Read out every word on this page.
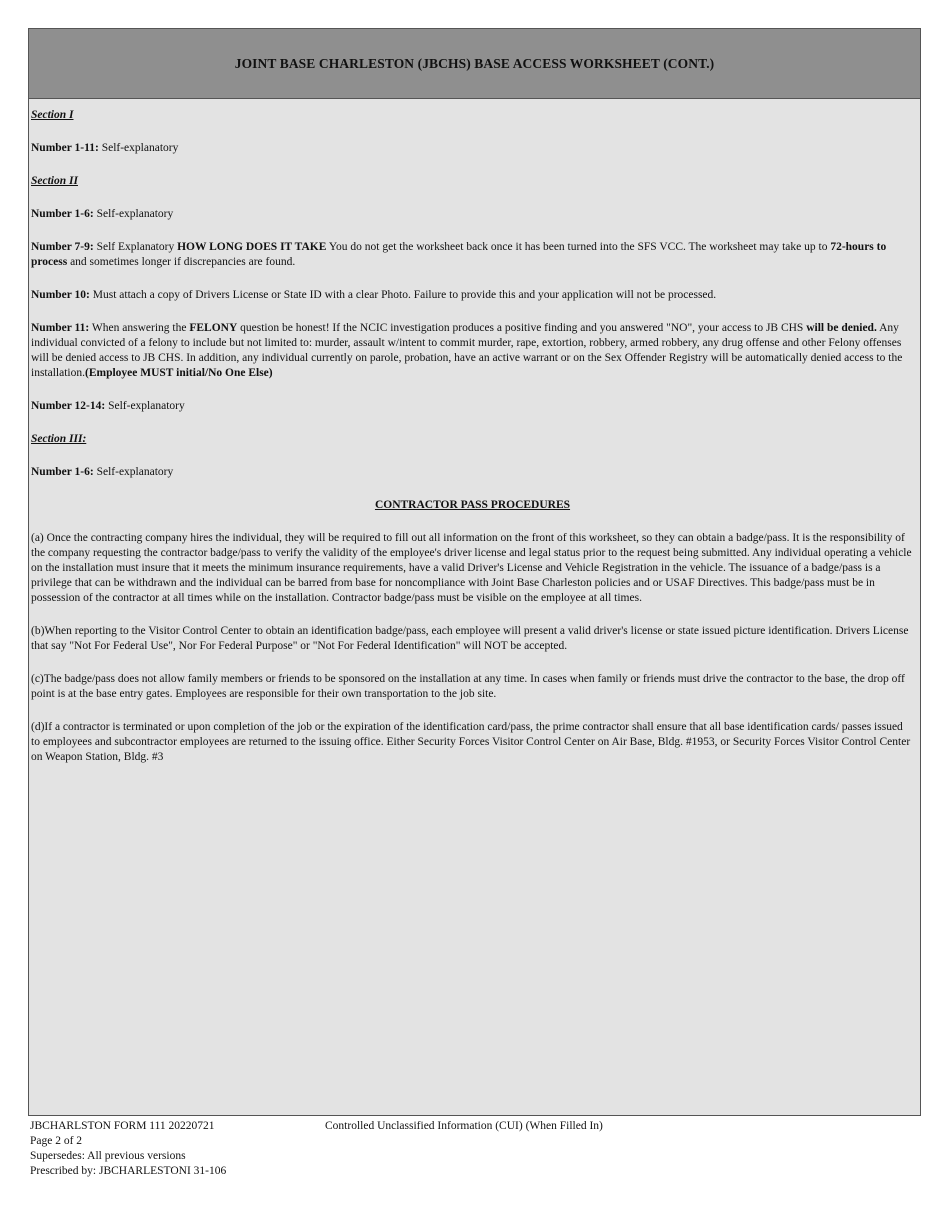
JOINT BASE CHARLESTON (JBCHS) BASE ACCESS WORKSHEET (CONT.)

Section I

Number 1-11: Self-explanatory

Section II

Number 1-6: Self-explanatory

Number 7-9: Self Explanatory HOW LONG DOES IT TAKE You do not get the worksheet back once it has been turned into the SFS VCC. The worksheet may take up to 72-hours to process and sometimes longer if discrepancies are found.

Number 10: Must attach a copy of Drivers License or State ID with a clear Photo. Failure to provide this and your application will not be processed.

Number 11: When answering the FELONY question be honest! If the NCIC investigation produces a positive finding and you answered "NO", your access to JB CHS will be denied. Any individual convicted of a felony to include but not limited to: murder, assault w/intent to commit murder, rape, extortion, robbery, armed robbery, any drug offense and other Felony offenses will be denied access to JB CHS. In addition, any individual currently on parole, probation, have an active warrant or on the Sex Offender Registry will be automatically denied access to the installation.(Employee MUST initial/No One Else)

Number 12-14: Self-explanatory

Section III:

Number 1-6: Self-explanatory

CONTRACTOR PASS PROCEDURES

(a) Once the contracting company hires the individual, they will be required to fill out all information on the front of this worksheet, so they can obtain a badge/pass. It is the responsibility of the company requesting the contractor badge/pass to verify the validity of the employee's driver license and legal status prior to the request being submitted. Any individual operating a vehicle on the installation must insure that it meets the minimum insurance requirements, have a valid Driver's License and Vehicle Registration in the vehicle. The issuance of a badge/pass is a privilege that can be withdrawn and the individual can be barred from base for noncompliance with Joint Base Charleston policies and or USAF Directives. This badge/pass must be in possession of the contractor at all times while on the installation. Contractor badge/pass must be visible on the employee at all times.

(b)When reporting to the Visitor Control Center to obtain an identification badge/pass, each employee will present a valid driver's license or state issued picture identification. Drivers License that say "Not For Federal Use", Nor For Federal Purpose" or "Not For Federal Identification" will NOT be accepted.

(c)The badge/pass does not allow family members or friends to be sponsored on the installation at any time. In cases when family or friends must drive the contractor to the base, the drop off point is at the base entry gates. Employees are responsible for their own transportation to the job site.

(d)If a contractor is terminated or upon completion of the job or the expiration of the identification card/pass, the prime contractor shall ensure that all base identification cards/ passes issued to employees and subcontractor employees are returned to the issuing office. Either Security Forces Visitor Control Center on Air Base, Bldg. #1953, or Security Forces Visitor Control Center on Weapon Station, Bldg. #3

JBCHARLSTON FORM 111 20220721
Page 2 of 2
Supersedes: All previous versions
Prescribed by: JBCHARLESTONI 31-106
Controlled Unclassified Information (CUI) (When Filled In)
